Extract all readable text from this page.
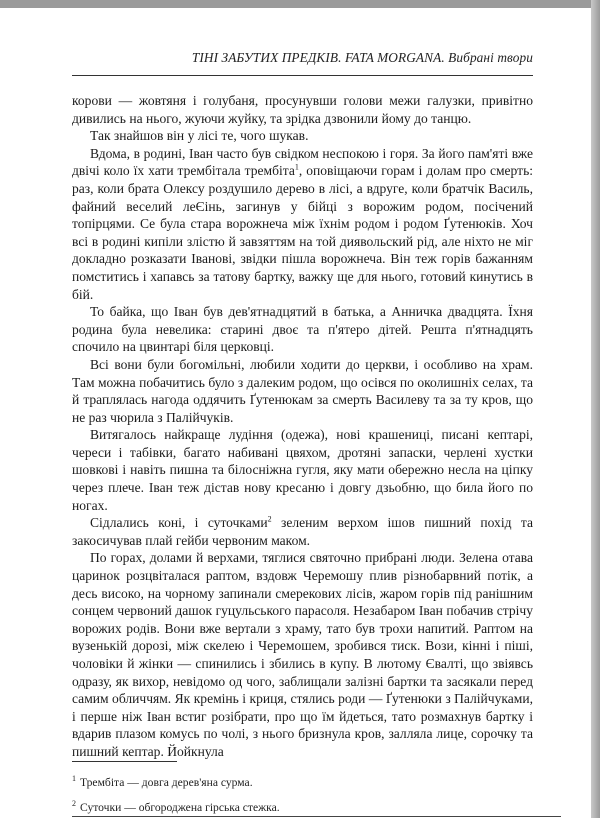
ТІНІ ЗАБУТИХ ПРЕДКІВ. FATA MORGANA. Вибрані твори

корови — жовтяня і голубаня, просунувши голови межи галузки, привітно дивились на нього, жуючи жуйку, та зрідка дзвонили йому до танцю.

Так знайшов він у лісі те, чого шукав.

Вдома, в родині, Іван часто був свідком неспокою і горя. За його пам'яті вже двічі коло їх хати трембітала трембіта$^1$, оповіщаючи горам і долам про смерть: раз, коли брата Олексу роздушило дерево в лісі, а вдруге, коли братчік Василь, файний веселий леЄінь, загинув у бійці з ворожим родом, посічений топірцями. Се була стара ворожнеча між їхнім родом і родом Ґутенюків. Хоч всі в родині кипіли злістю й завзяттям на той диявольский рід, але ніхто не міг докладно розказати Іванові, звідки пішла ворожнеча. Він теж горів бажанням помститись і хапавсь за татову бартку, важку ще для нього, готовий кинутись в бій.

То байка, що Іван був дев'ятнадцятий в батька, а Анничка двадцята. Їхня родина була невелика: старині двоє та п'ятеро дітей. Решта п'ятнадцять спочило на цвинтарі біля церковці.

Всі вони були богомільні, любили ходити до церкви, і особливо на храм. Там можна побачитись було з далеким родом, що осівся по околишніх селах, та й траплялась нагода оддячить Ґутенюкам за смерть Василеву та за ту кров, що не раз чюрила з Палійчуків.

Витягалось найкраще лудіння (одежа), нові крашениці, писані кептарі, череси і табівки, багато набивані цвяхом, дротяні запаски, черлені хустки шовкові і навіть пишна та білосніжна гугля, яку мати обережно несла на ціпку через плече. Іван теж дістав нову кресаню і довгу дзьобню, що била його по ногах.

Сідлались коні, і суточками$^2$ зеленим верхом ішов пишний похід та закосичував плай гейби червоним маком.

По горах, долами й верхами, тяглися святочно прибрані люди. Зелена отава царинок розцвіталася раптом, вздовж Черемошу плив різнобарвний потік, а десь високо, на чорному запинали смерекових лісів, жаром горів під ранішним сонцем червоний дашок гуцульського парасоля. Незабаром Іван побачив стрічу ворожих родів. Вони вже вертали з храму, тато був трохи напитий. Раптом на вузенькій дорозі, між скелею і Черемошем, зробився тиск. Вози, кінні і піші, чоловіки й жінки — спинились і збились в купу. В лютому Євалті, що звіявсь одразу, як вихор, невідомо од чого, заблищали залізні бартки та засякали перед самим обличчям. Як кремінь і криця, стялись роди — Ґутенюки з Палійчуками, і перше ніж Іван встиг розібрати, про що їм йдеться, тато розмахнув бартку і вдарив плазом комусь по чолі, з нього бризнула кров, залляла лице, сорочку та пишний кептар. Йойкнула

$^1$ Трембіта — довга дерев'яна сурма.
$^2$ Суточки — обгороджена гірська стежка.
